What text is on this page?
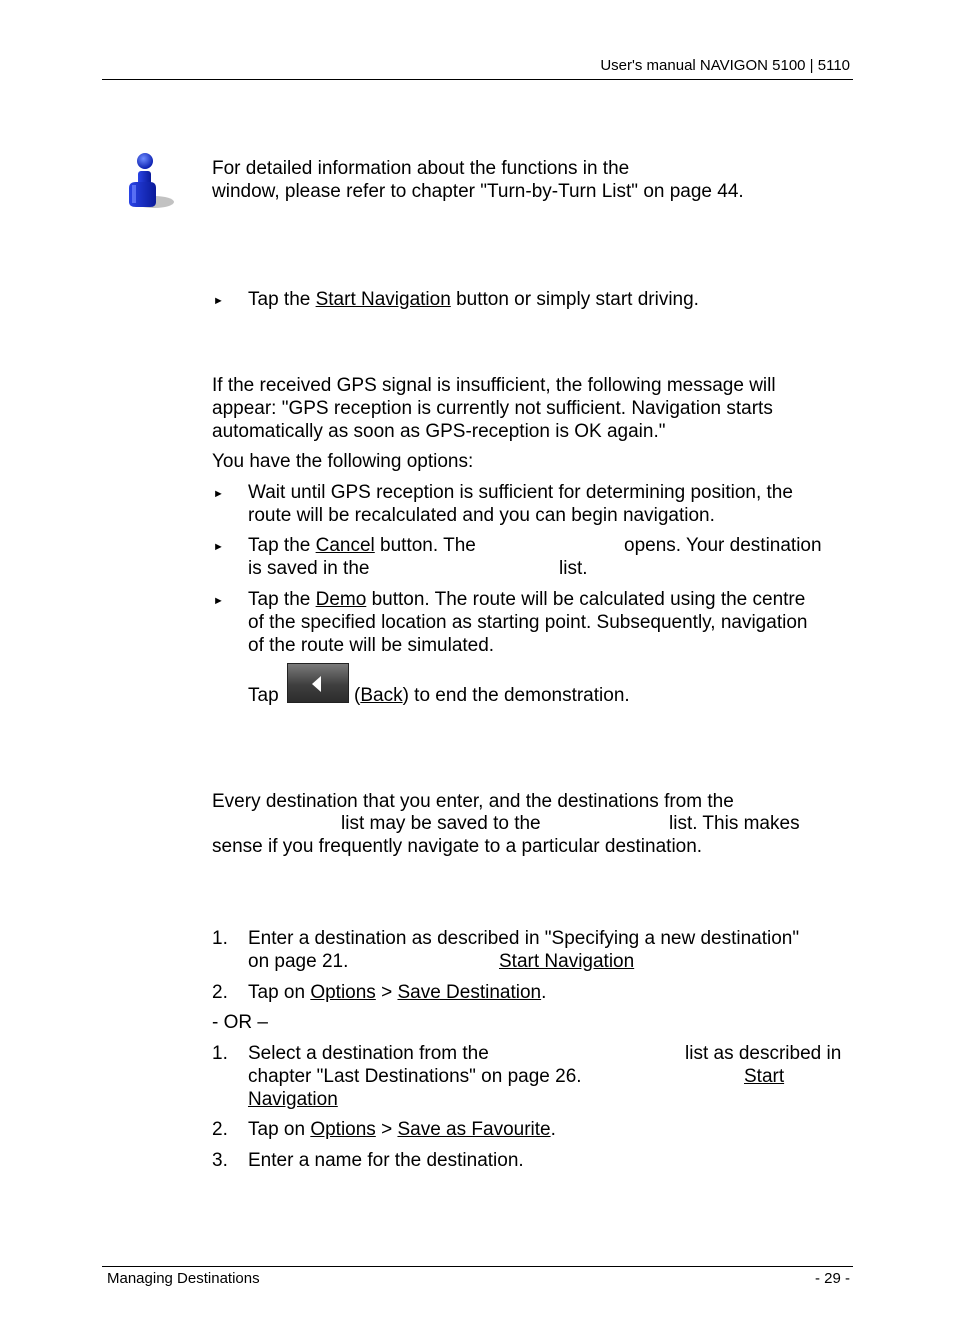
User's manual NAVIGON 5100 | 5110
For detailed information about the functions in the
window, please refer to chapter "Turn-by-Turn List" on page 44.
► Tap the Start Navigation button or simply start driving.
If the received GPS signal is insufficient, the following message will
appear: "GPS reception is currently not sufficient. Navigation starts
automatically as soon as GPS-reception is OK again."
You have the following options:
► Wait until GPS reception is sufficient for determining position, the
route will be recalculated and you can begin navigation.
► Tap the Cancel button. The	opens. Your destination
is saved in the	list.
► Tap the Demo button. The route will be calculated using the centre
of the specified location as starting point. Subsequently, navigation
of the route will be simulated.
Tap	(Back) to end the demonstration.
Every destination that you enter, and the destinations from the
list may be saved to the	list. This makes
sense if you frequently navigate to a particular destination.
1. Enter a destination as described in "Specifying a new destination"
on page 21.	Start Navigation
2. Tap on Options > Save Destination.
- OR –
1. Select a destination from the	list as described in
chapter "Last Destinations" on page 26.	Start
Navigation
2. Tap on Options > Save as Favourite.
3. Enter a name for the destination.
Managing Destinations	- 29 -
